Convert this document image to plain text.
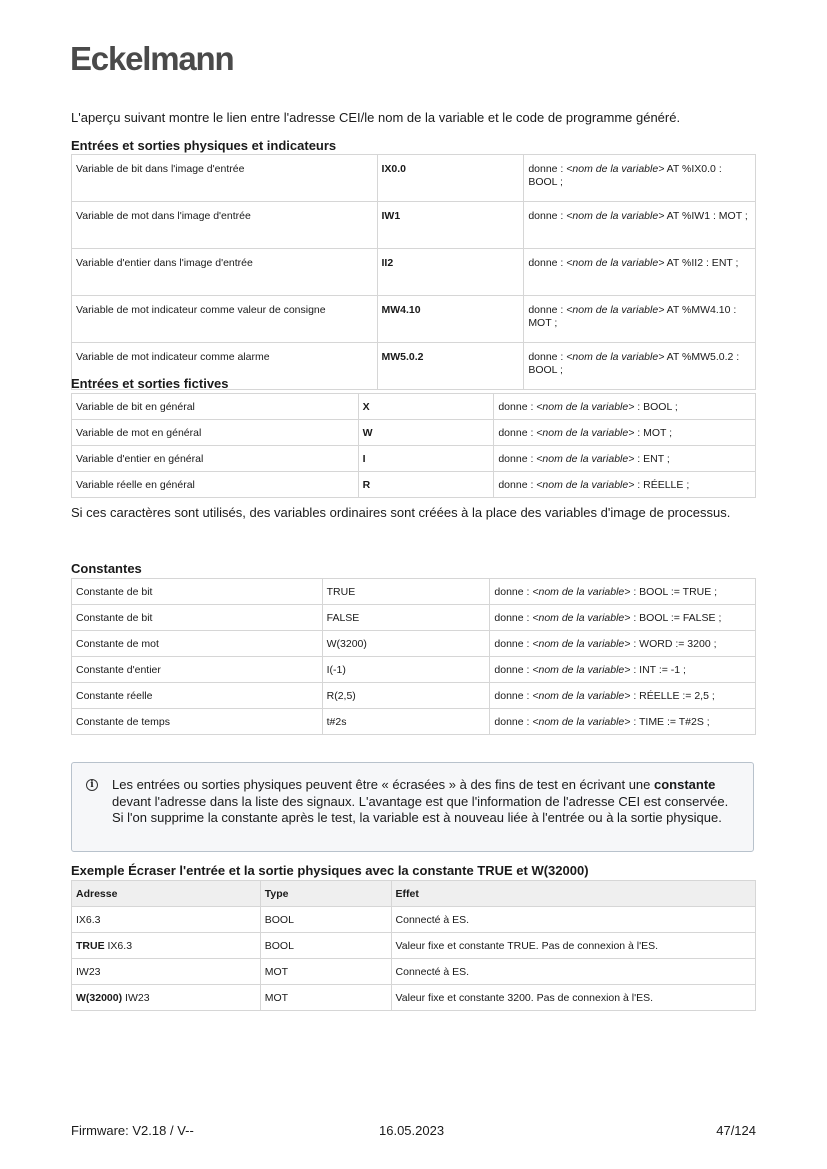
Eckelmann
L'aperçu suivant montre le lien entre l'adresse CEI/le nom de la variable et le code de programme généré.
Entrées et sorties physiques et indicateurs
Variable de bit dans l'image d'entrée	IX0.0	donne : <nom de la variable> AT %IX0.0 : BOOL ;
Variable de mot dans l'image d'entrée	IW1	donne : <nom de la variable> AT %IW1 : MOT ;
Variable d'entier dans l'image d'entrée	II2	donne : <nom de la variable> AT %II2 : ENT ;
Variable de mot indicateur comme valeur de consigne	MW4.10	donne : <nom de la variable> AT %MW4.10 : MOT ;
Variable de mot indicateur comme alarme	MW5.0.2	donne : <nom de la variable> AT %MW5.0.2 : BOOL ;
Entrées et sorties fictives
Variable de bit en général	X	donne : <nom de la variable> : BOOL ;
Variable de mot en général	W	donne : <nom de la variable> : MOT ;
Variable d'entier en général	I	donne : <nom de la variable> : ENT ;
Variable réelle en général	R	donne : <nom de la variable> : RÉELLE ;
Si ces caractères sont utilisés, des variables ordinaires sont créées à la place des variables d'image de processus.
Constantes
Constante de bit	TRUE	donne : <nom de la variable> : BOOL := TRUE ;
Constante de bit	FALSE	donne : <nom de la variable> : BOOL := FALSE ;
Constante de mot	W(3200)	donne : <nom de la variable> : WORD := 3200 ;
Constante d'entier	I(-1)	donne : <nom de la variable> : INT := -1 ;
Constante réelle	R(2,5)	donne : <nom de la variable> : RÉELLE := 2,5 ;
Constante de temps	t#2s	donne : <nom de la variable> : TIME := T#2S ;
i	Les entrées ou sorties physiques peuvent être « écrasées » à des fins de test en écrivant une constante devant l'adresse dans la liste des signaux. L'avantage est que l'information de l'adresse CEI est conservée. Si l'on supprime la constante après le test, la variable est à nouveau liée à l'entrée ou à la sortie physique.
Exemple Écraser l'entrée et la sortie physiques avec la constante TRUE et W(32000)
Adresse	Type	Effet
IX6.3	BOOL	Connecté à ES.
TRUE IX6.3	BOOL	Valeur fixe et constante TRUE. Pas de connexion à l'ES.
IW23	MOT	Connecté à ES.
W(32000) IW23	MOT	Valeur fixe et constante 3200. Pas de connexion à l'ES.
Firmware: V2.18 / V--	16.05.2023	47/124
